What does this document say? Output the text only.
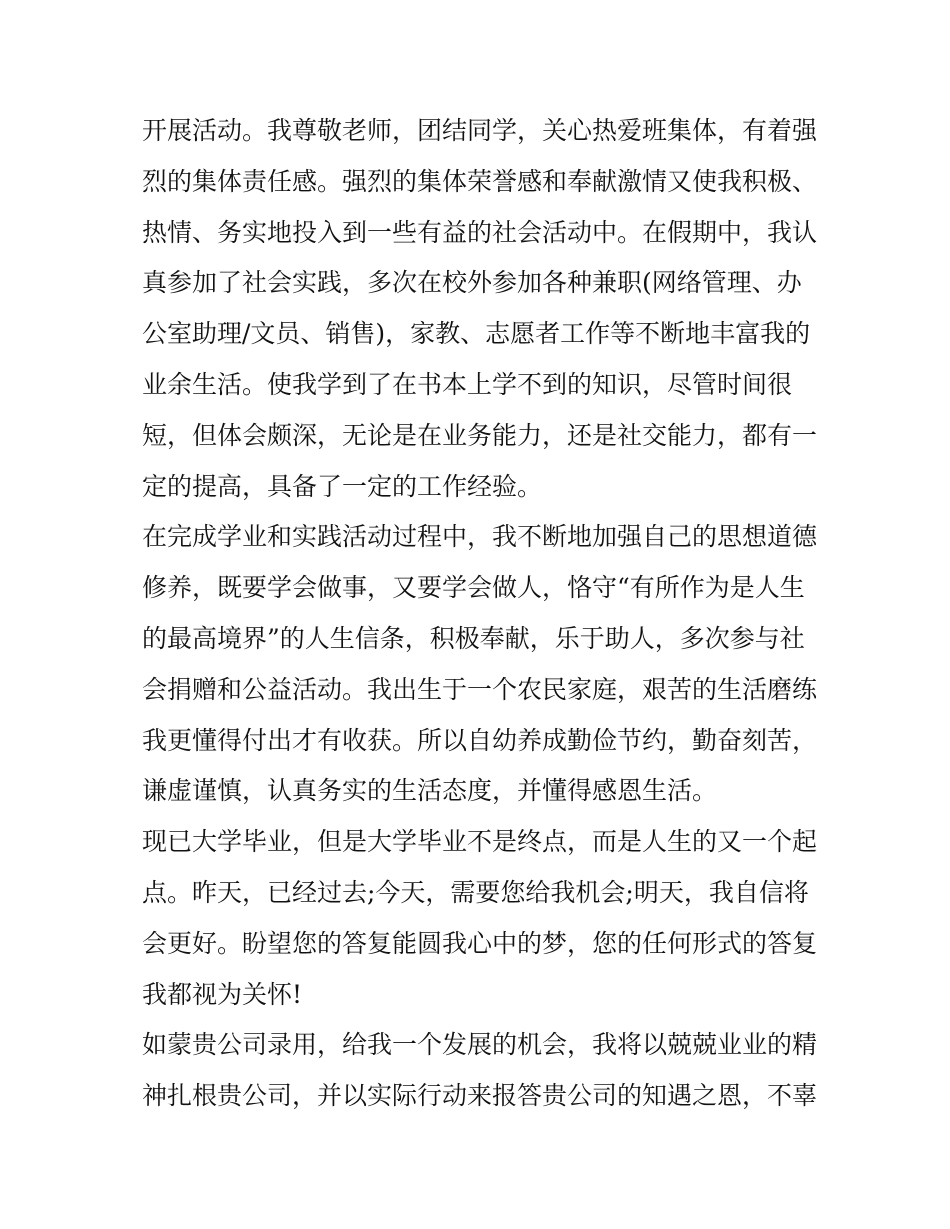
开展活动。我尊敬老师，团结同学，关心热爱班集体，有着强
烈的集体责任感。强烈的集体荣誉感和奉献激情又使我积极、
热情、务实地投入到一些有益的社会活动中。在假期中，我认
真参加了社会实践，多次在校外参加各种兼职(网络管理、办
公室助理/文员、销售)，家教、志愿者工作等不断地丰富我的
业余生活。使我学到了在书本上学不到的知识，尽管时间很
短，但体会颇深，无论是在业务能力，还是社交能力，都有一
定的提高，具备了一定的工作经验。
在完成学业和实践活动过程中，我不断地加强自己的思想道德
修养，既要学会做事，又要学会做人，恪守“有所作为是人生
的最高境界”的人生信条，积极奉献，乐于助人，多次参与社
会捐赠和公益活动。我出生于一个农民家庭，艰苦的生活磨练
我更懂得付出才有收获。所以自幼养成勤俭节约，勤奋刻苦，
谦虚谨慎，认真务实的生活态度，并懂得感恩生活。
现已大学毕业，但是大学毕业不是终点，而是人生的又一个起
点。昨天，已经过去;今天，需要您给我机会;明天，我自信将
会更好。盼望您的答复能圆我心中的梦，您的任何形式的答复
我都视为关怀!
如蒙贵公司录用，给我一个发展的机会，我将以兢兢业业的精
神扎根贵公司，并以实际行动来报答贵公司的知遇之恩，不辜
